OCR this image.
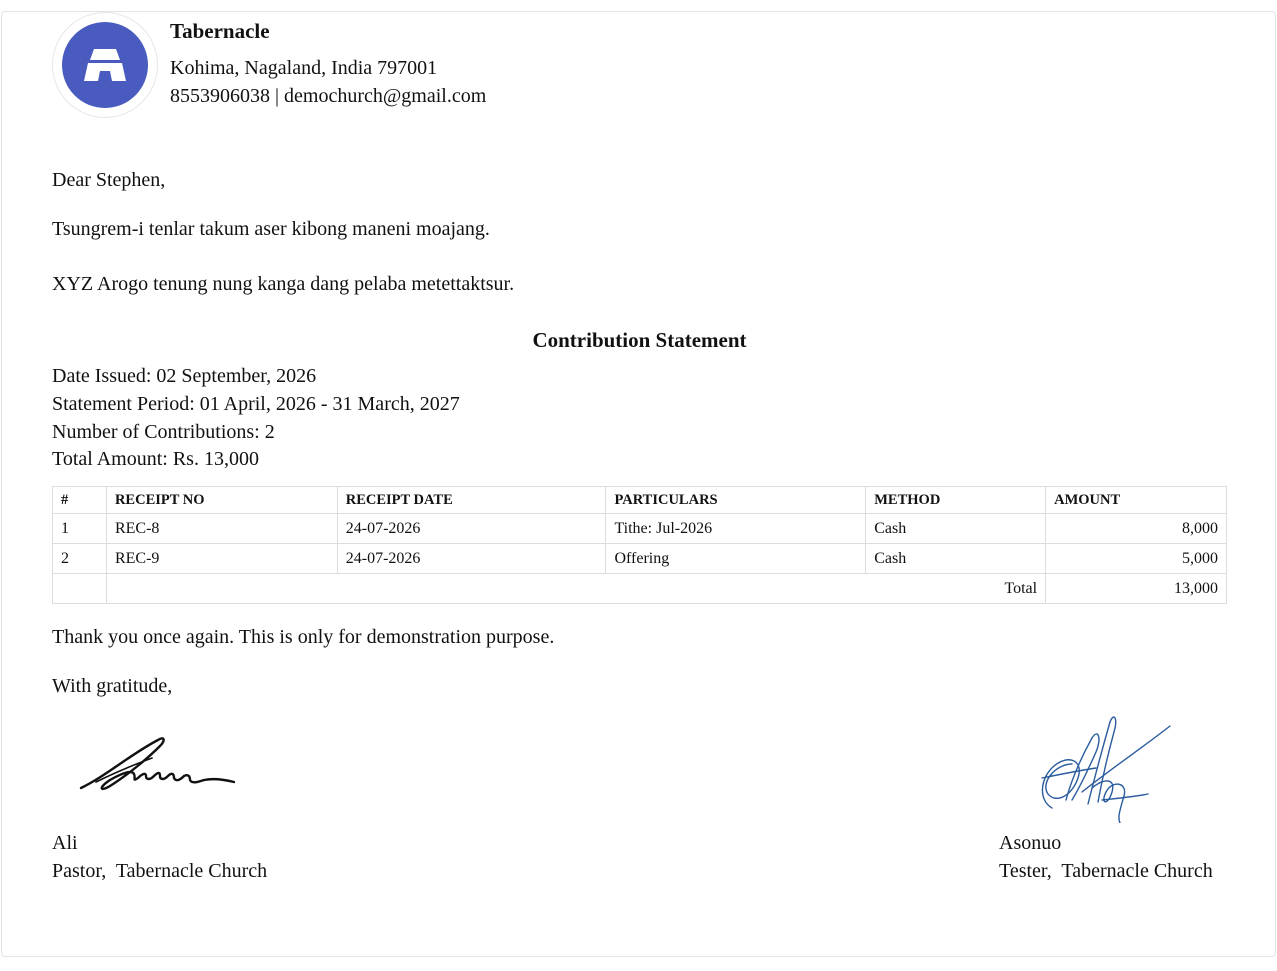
Tabernacle
Kohima, Nagaland, India 797001
8553906038 | demochurch@gmail.com
Dear Stephen,
Tsungrem-i tenlar takum aser kibong maneni moajang.
XYZ Arogo tenung nung kanga dang pelaba metettaktsur.
Contribution Statement
Date Issued: 02 September, 2026
Statement Period: 01 April, 2026 - 31 March, 2027
Number of Contributions: 2
Total Amount: Rs. 13,000
#	RECEIPT NO	RECEIPT DATE	PARTICULARS	METHOD	AMOUNT
1	REC-8	24-07-2026	Tithe: Jul-2026	Cash	8,000
2	REC-9	24-07-2026	Offering	Cash	5,000
	Total				13,000
Thank you once again. This is only for demonstration purpose.
With gratitude,
Ali
Pastor,  Tabernacle Church
Asonuo
Tester,  Tabernacle Church
